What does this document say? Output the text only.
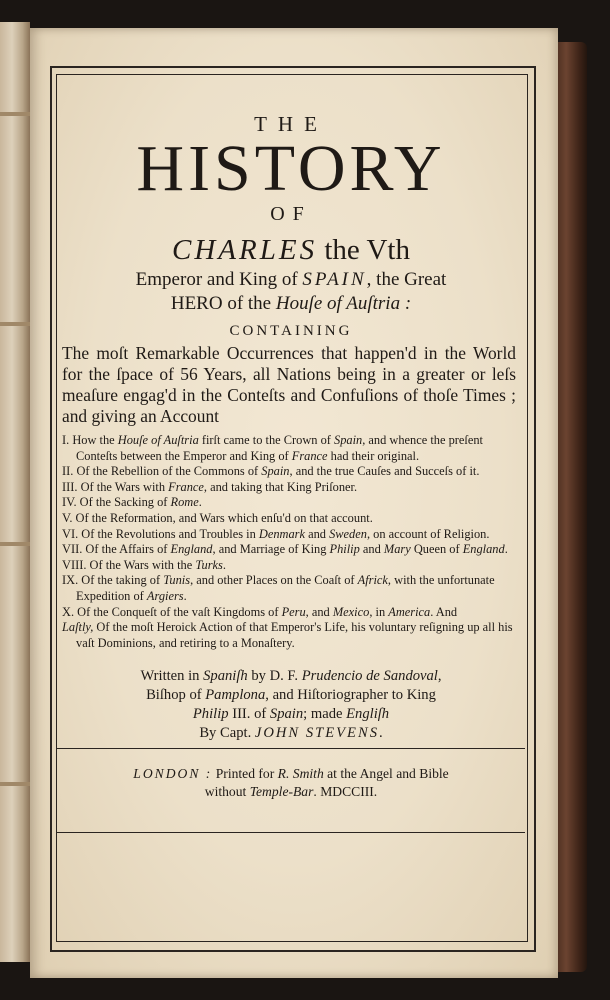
THE
HISTORY
OF
CHARLES the Vth
Emperor and King of SPAIN, the Great
HERO of the Houſe of Auſtria :
CONTAINING
The moſt Remarkable Occurrences that happen'd in the World for the ſpace of 56 Years, all Nations being in a greater or leſs meaſure engag'd in the Conteſts and Confuſions of thoſe Times ; and giving an Account
I. How the Houſe of Auſtria firſt came to the Crown of Spain, and whence the preſent Conteſts between the Emperor and King of France had their original.
II. Of the Rebellion of the Commons of Spain, and the true Cauſes and Succeſs of it.
III. Of the Wars with France, and taking that King Priſoner.
IV. Of the Sacking of Rome.
V. Of the Reformation, and Wars which enſu'd on that account.
VI. Of the Revolutions and Troubles in Denmark and Sweden, on account of Religion.
VII. Of the Affairs of England, and Marriage of King Philip and Mary Queen of England.
VIII. Of the Wars with the Turks.
IX. Of the taking of Tunis, and other Places on the Coaſt of Africk, with the unfortunate Expedition of Argiers.
X. Of the Conqueſt of the vaſt Kingdoms of Peru, and Mexico, in America. And
Laſtly, Of the moſt Heroick Action of that Emperor's Life, his voluntary reſigning up all his vaſt Dominions, and retiring to a Monaſtery.
Written in Spaniſh by D. F. Prudencio de Sandoval,
Biſhop of Pamplona, and Hiſtoriographer to King
Philip III. of Spain; made Engliſh
By Capt. JOHN STEVENS.
LONDON : Printed for R. Smith at the Angel and Bible
without Temple-Bar. MDCCIII.
